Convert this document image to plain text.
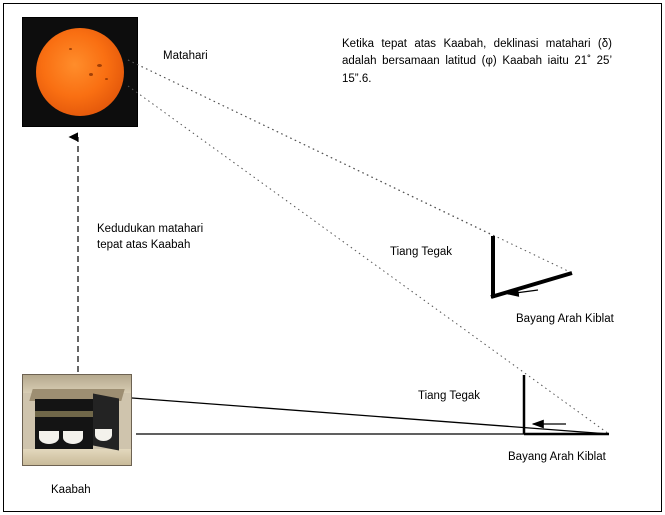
Ketika tepat atas Kaabah, deklinasi matahari (δ) adalah bersamaan latitud (φ) Kaabah iaitu 21˚ 25’ 15”.6.
Matahari
Kedudukan matahari
tepat atas Kaabah
Tiang Tegak
Bayang Arah Kiblat
Tiang Tegak
Bayang Arah Kiblat
Kaabah
